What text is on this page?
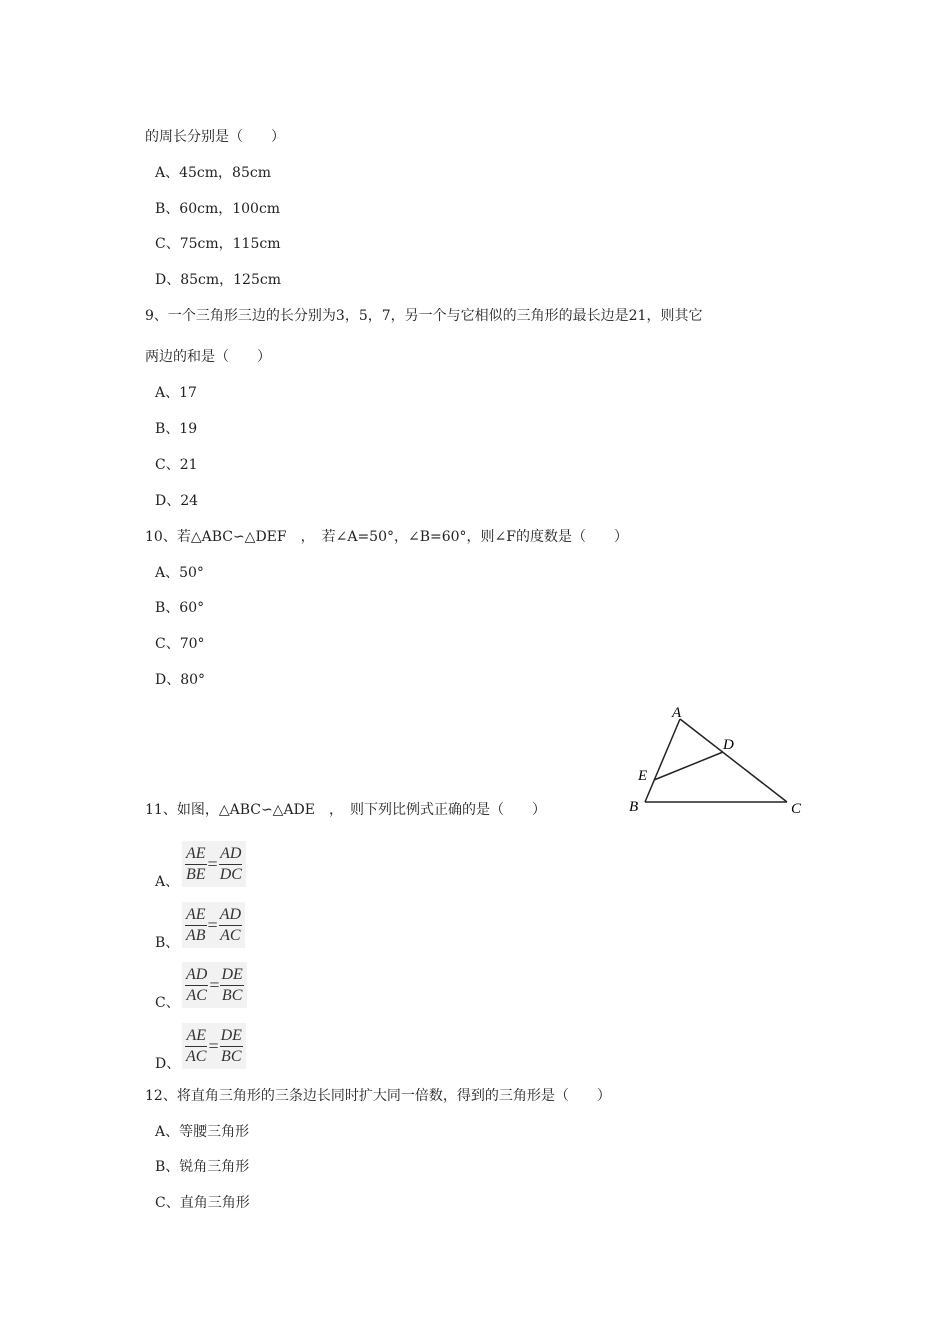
的周长分别是（　　）
A、45cm，85cm
B、60cm，100cm
C、75cm，115cm
D、85cm，125cm
9、一个三角形三边的长分别为3，5，7，另一个与它相似的三角形的最长边是21，则其它
两边的和是（　　）
A、17
B、19
C、21
D、24
10、若△ABC∽△DEF　，　若∠A=50°，∠B=60°，则∠F的度数是（　　）
A、50°
B、60°
C、70°
D、80°
A
D
E
B	C
11、如图，△ABC∽△ADE　，　则下列比例式正确的是（　　）
A、 $\frac{AE}{BE} = \frac{AD}{DC}$
B、 $\frac{AE}{AB} = \frac{AD}{AC}$
C、 $\frac{AD}{AC} = \frac{DE}{BC}$
D、 $\frac{AE}{AC} = \frac{DE}{BC}$
12、将直角三角形的三条边长同时扩大同一倍数，得到的三角形是（　　）
A、等腰三角形
B、锐角三角形
C、直角三角形
